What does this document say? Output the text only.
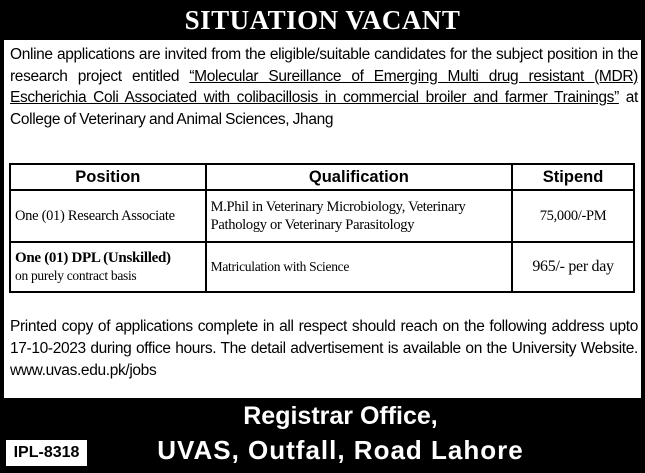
SITUATION VACANT
Online applications are invited from the eligible/suitable candidates for the subject position in the research project entitled “Molecular Sureillance of Emerging Multi drug resistant (MDR) Escherichia Coli Associated with colibacillosis in commercial broiler and farmer Trainings” at College of Veterinary and Animal Sciences, Jhang
Position	Qualification	Stipend

One (01) Research Associate	M.Phil in Veterinary Microbiology, Veterinary Pathology or Veterinary Parasitology	75,000/-PM

One (01) DPL (Unskilled)
on purely contract basis	Matriculation with Science	965/- per day
Printed copy of applications complete in all respect should reach on the following address upto 17-10-2023 during office hours. The detail advertisement is available on the University Website. www.uvas.edu.pk/jobs
Registrar Office,
UVAS, Outfall, Road Lahore
IPL-8318
